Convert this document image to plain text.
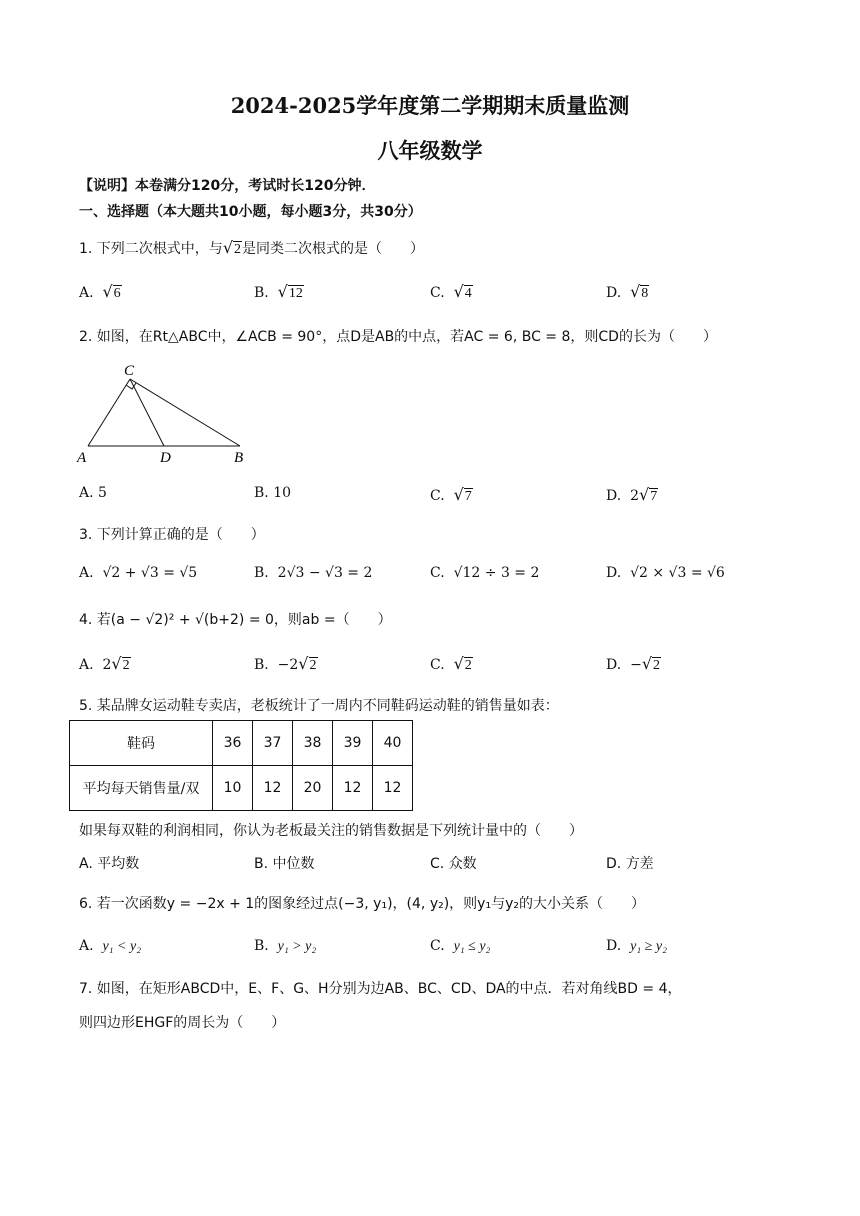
2024-2025学年度第二学期期末质量监测
八年级数学
【说明】本卷满分120分，考试时长120分钟．
一、选择题（本大题共10小题，每小题3分，共30分）
1. 下列二次根式中，与√2是同类二次根式的是（　　）
A. √6	B. √12	C. √4	D. √8
2. 如图，在Rt△ABC中，∠ACB = 90°，点D是AB的中点，若AC = 6, BC = 8，则CD的长为（　　）
C
A	D	B
A. 5	B. 10	C. √7	D. 2√7
3. 下列计算正确的是（　　）
A. √2 + √3 = √5	B. 2√3 − √3 = 2	C. √12 ÷ 3 = 2	D. √2 × √3 = √6
4. 若(a − √2)² + √(b+2) = 0，则ab =（　　）
A. 2√2	B. −2√2	C. √2	D. −√2
5. 某品牌女运动鞋专卖店，老板统计了一周内不同鞋码运动鞋的销售量如表：
鞋码	36	37	38	39	40
平均每天销售量/双	10	12	20	12	12
如果每双鞋的利润相同，你认为老板最关注的销售数据是下列统计量中的（　　）
A. 平均数	B. 中位数	C. 众数	D. 方差
6. 若一次函数y = −2x + 1的图象经过点(−3, y₁)，(4, y₂)，则y₁与y₂的大小关系（　　）
A. y₁ < y₂	B. y₁ > y₂	C. y₁ ≤ y₂	D. y₁ ≥ y₂
7. 如图，在矩形ABCD中，E、F、G、H分别为边AB、BC、CD、DA的中点．若对角线BD = 4，
则四边形EHGF的周长为（　　）
